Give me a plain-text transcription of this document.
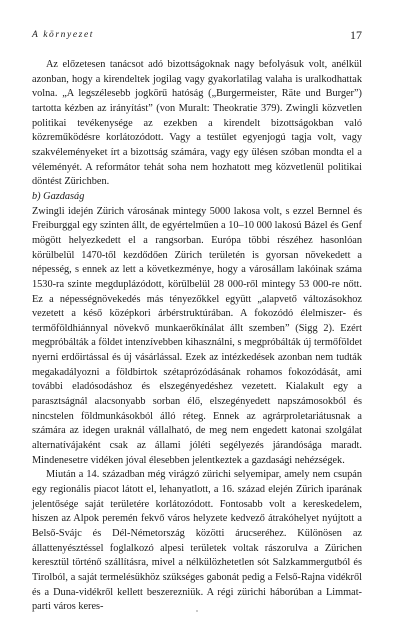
A környezet	17

Az előzetesen tanácsot adó bizottságoknak nagy befolyásuk volt, anélkül azonban, hogy a kirendeltek jogilag vagy gyakorlatilag valaha is uralkodhattak volna. „A legszélesebb jogkörű hatóság („Burgermeister, Räte und Burger”) tartotta kézben az irányítást” (von Muralt: Theokratie 379). Zwingli közvetlen politikai tevékenysége az ezekben a kirendelt bizottságokban való közreműködésre korlátozódott. Vagy a testület egyenjogú tagja volt, vagy szakvéleményeket írt a bizottság számára, vagy egy ülésen szóban mondta el a véleményét. A reformátor tehát soha nem hozhatott meg közvetlenül politikai döntést Zürichben.

b) Gazdaság

Zwingli idején Zürich városának mintegy 5000 lakosa volt, s ezzel Bernnel és Freiburggal egy szinten állt, de egyértelműen a 10–10 000 lakosú Bázel és Genf mögött helyezkedett el a rangsorban. Európa többi részéhez hasonlóan körülbelül 1470-től kezdődően Zürich területén is gyorsan növekedett a népesség, s ennek az lett a következménye, hogy a városállam lakóinak száma 1530-ra szinte megduplázódott, körülbelül 28 000-ről mintegy 53 000-re nőtt. Ez a népességnövekedés más tényezőkkel együtt „alapvető változásokhoz vezetett a késő középkori árbérstruktúrában. A fokozódó élelmiszer- és termőföldhiánnyal növekvő munkaerőkínálat állt szemben” (Sigg 2). Ezért megpróbálták a földet intenzívebben kihasználni, s megpróbálták új termőföldet nyerni erdőirtással és új vásárlással. Ezek az intézkedések azonban nem tudták megakadályozni a földbirtok szétaprózódásának rohamos fokozódását, ami további eladósodáshoz és elszegényedéshez vezetett. Kialakult egy a parasztságnál alacsonyabb sorban élő, elszegényedett napszámosokból és nincstelen földmunkásokból álló réteg. Ennek az agrárproletariátusnak a számára az idegen uraknál vállalható, de meg nem engedett katonai szolgálat alternatívájaként csak az állami jóléti segélyezés járandósága maradt. Mindenesetre vidéken jóval élesebben jelentkeztek a gazdasági nehézségek.

Miután a 14. században még virágzó zürichi selyemipar, amely nem csupán egy regionális piacot látott el, lehanyatlott, a 16. század elején Zürich iparának jelentősége saját területére korlátozódott. Fontosabb volt a kereskedelem, hiszen az Alpok peremén fekvő város helyzete kedvező átrakóhelyet nyújtott a Belső-Svájc és Dél-Németország közötti árucseréhez. Különösen az állattenyésztéssel foglalkozó alpesi területek voltak rászorulva a Zürichen keresztül történő szállításra, mivel a nélkülözhetetlen sót Salzkammergutból és Tirolból, a saját termelésükhöz szükséges gabonát pedig a Felső-Rajna vidékről és a Duna-vidékről kellett beszerezniük. A régi zürichi háborúban a Limmat-parti város keres-
